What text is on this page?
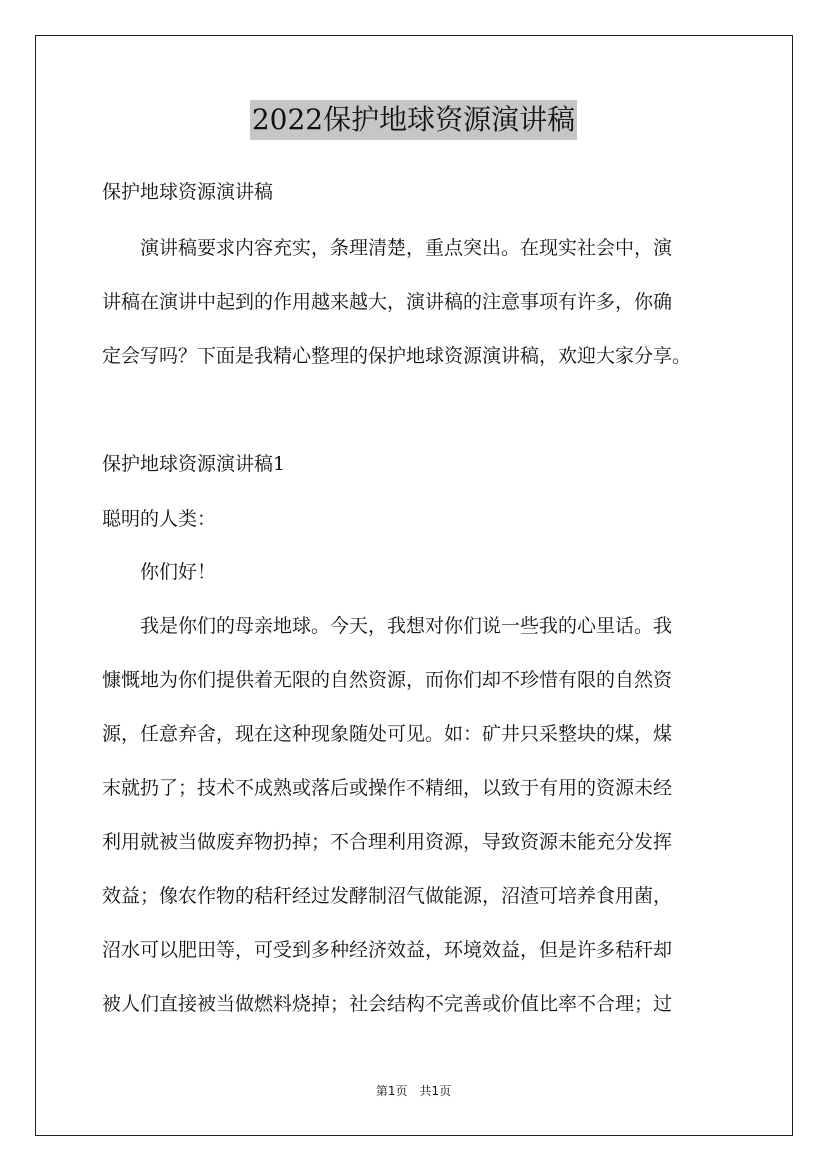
2022保护地球资源演讲稿
保护地球资源演讲稿
　　演讲稿要求内容充实，条理清楚，重点突出。在现实社会中，演
讲稿在演讲中起到的作用越来越大，演讲稿的注意事项有许多，你确
定会写吗？下面是我精心整理的保护地球资源演讲稿，欢迎大家分享。
保护地球资源演讲稿1
聪明的人类：
　　你们好！
　　我是你们的母亲地球。今天，我想对你们说一些我的心里话。我
慷慨地为你们提供着无限的自然资源，而你们却不珍惜有限的自然资
源，任意弃舍，现在这种现象随处可见。如：矿井只采整块的煤，煤
末就扔了；技术不成熟或落后或操作不精细，以致于有用的资源未经
利用就被当做废弃物扔掉；不合理利用资源，导致资源未能充分发挥
效益；像农作物的秸秆经过发酵制沼气做能源，沼渣可培养食用菌，
沼水可以肥田等，可受到多种经济效益，环境效益，但是许多秸秆却
被人们直接被当做燃料烧掉；社会结构不完善或价值比率不合理；过
第1页　共1页
